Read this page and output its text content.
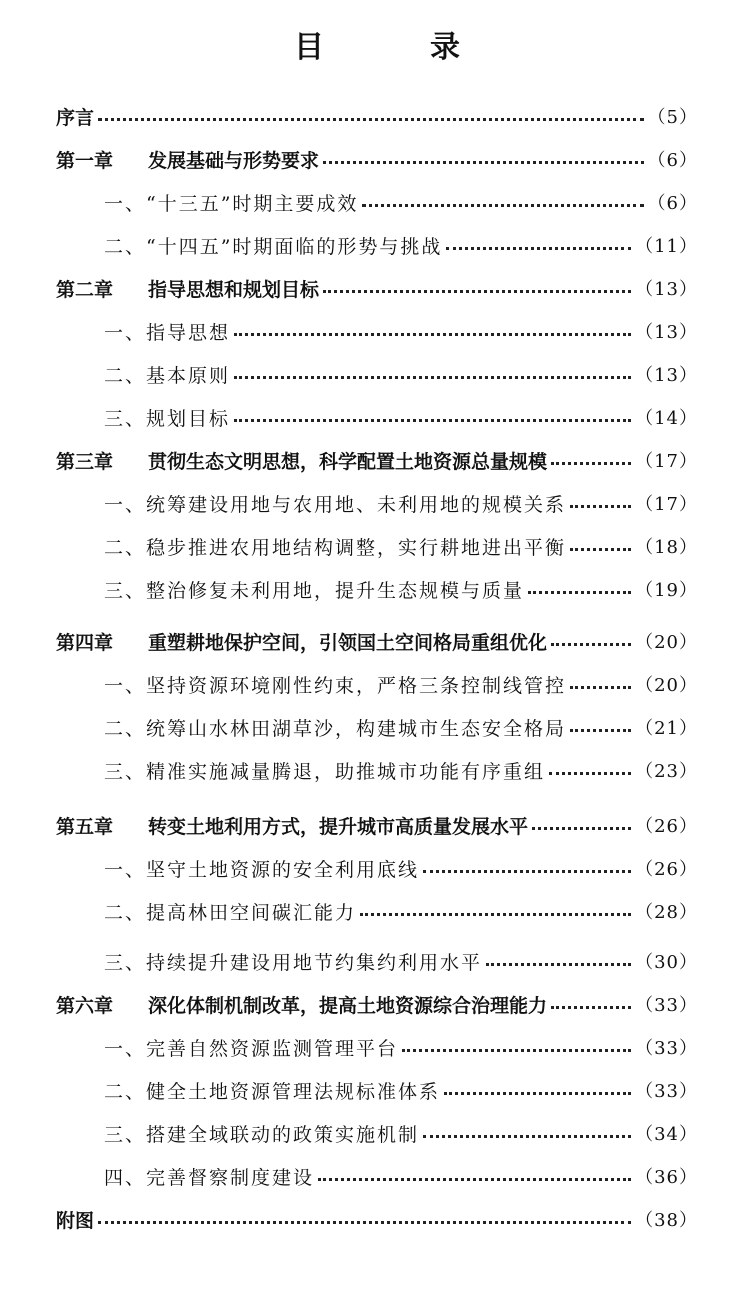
目　录
序言	（5）
第一章 发展基础与形势要求	（6）
一、“十三五”时期主要成效	（6）
二、“十四五”时期面临的形势与挑战	（11）
第二章 指导思想和规划目标	（13）
一、指导思想	（13）
二、基本原则	（13）
三、规划目标	（14）
第三章 贯彻生态文明思想，科学配置土地资源总量规模	（17）
一、统筹建设用地与农用地、未利用地的规模关系	（17）
二、稳步推进农用地结构调整，实行耕地进出平衡	（18）
三、整治修复未利用地，提升生态规模与质量	（19）
第四章 重塑耕地保护空间，引领国土空间格局重组优化	（20）
一、坚持资源环境刚性约束，严格三条控制线管控	（20）
二、统筹山水林田湖草沙，构建城市生态安全格局	（21）
三、精准实施减量腾退，助推城市功能有序重组	（23）
第五章 转变土地利用方式，提升城市高质量发展水平	（26）
一、坚守土地资源的安全利用底线	（26）
二、提高林田空间碳汇能力	（28）
三、持续提升建设用地节约集约利用水平	（30）
第六章 深化体制机制改革，提高土地资源综合治理能力	（33）
一、完善自然资源监测管理平台	（33）
二、健全土地资源管理法规标准体系	（33）
三、搭建全域联动的政策实施机制	（34）
四、完善督察制度建设	（36）
附图	（38）
